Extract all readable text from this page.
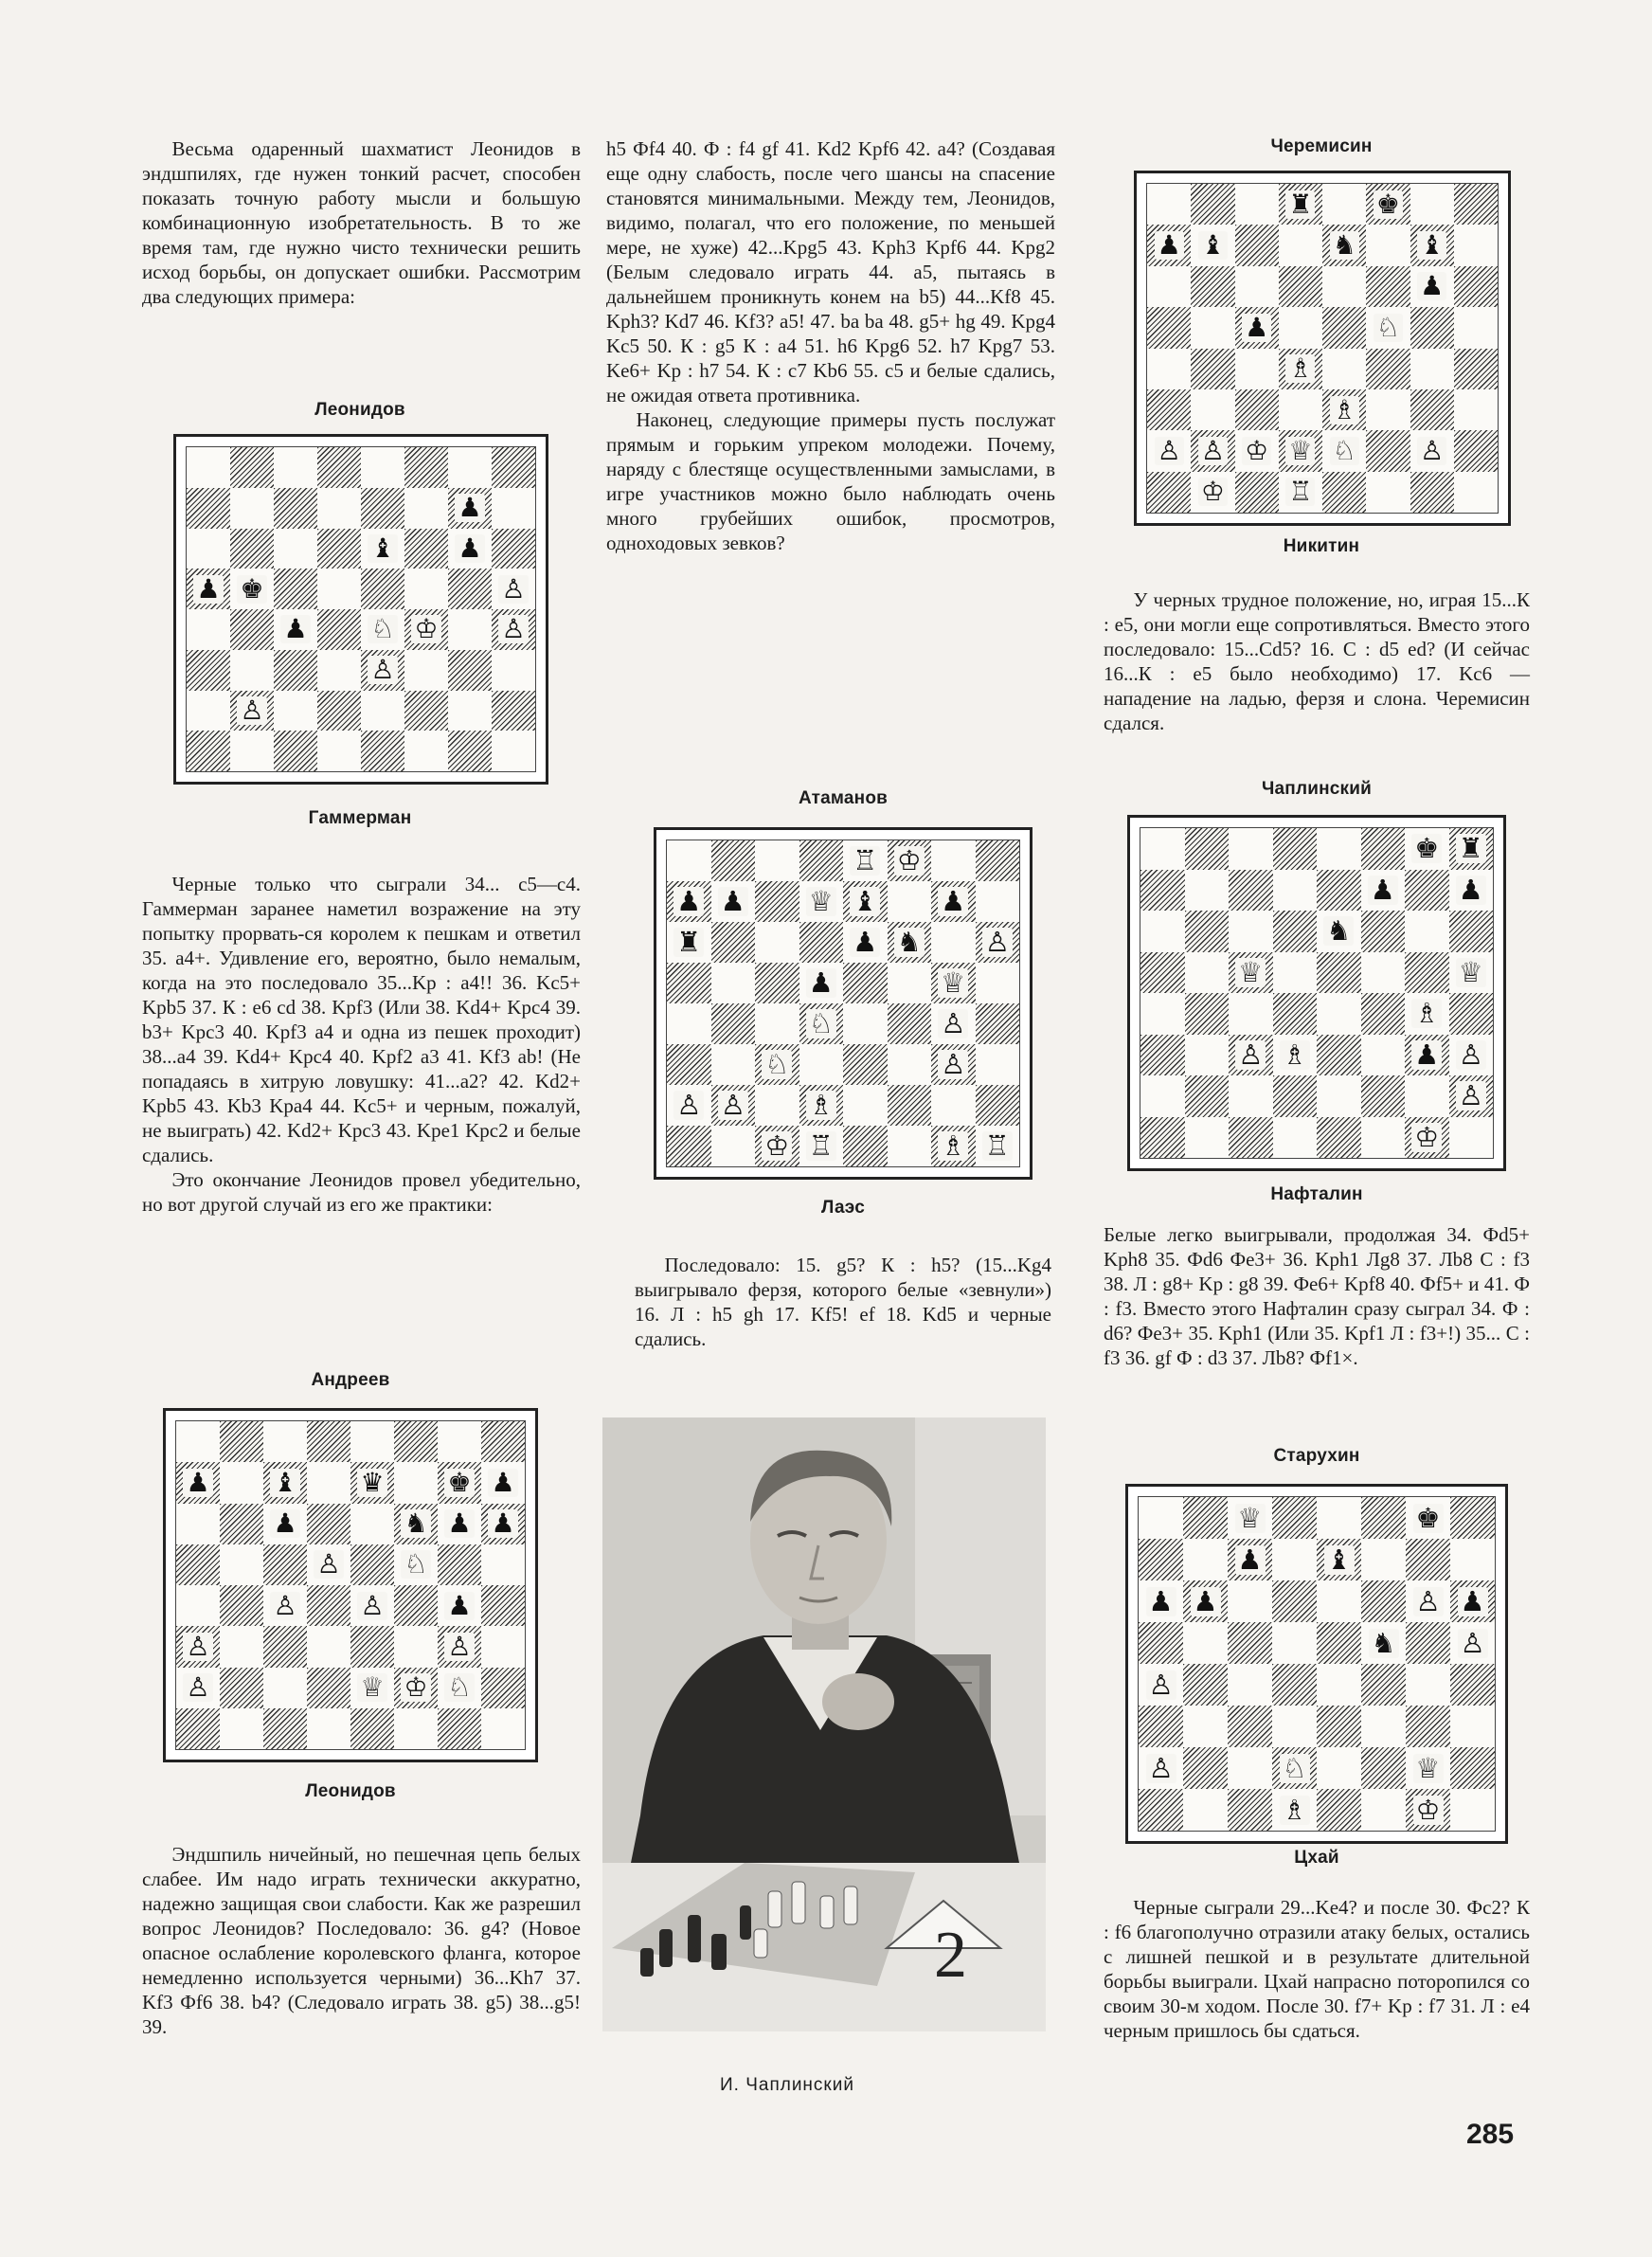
Весьма одаренный шахматист Леонидов в эндшпилях, где нужен тонкий расчет, способен показать точную работу мысли и большую комбинационную изобретательность. В то же время там, где нужно чисто технически решить исход борьбы, он допускает ошибки. Рассмотрим два следующих примера:

Леонидов
♟
♝ ♟
♟ ♚	♙
♟ ♘ ♔ ♙
♙
♙
Гаммерман

Черные только что сыграли 34... c5—c4. Гаммерман заранее наметил возражение на эту попытку прорвать-ся королем к пешкам и ответил 35. a4+. Удивление его, вероятно, было немалым, когда на это последовало 35...Kp : a4!! 36. Kc5+ Kpb5 37. К : e6 cd 38. Kpf3 (Или 38. Kd4+ Kpc4 39. b3+ Kpc3 40. Kpf3 a4 и одна из пешек проходит) 38...a4 39. Kd4+ Kpc4 40. Kpf2 a3 41. Kf3 ab! (Не попадаясь в хитрую ловушку: 41...a2? 42. Kd2+ Kpb5 43. Kb3 Kpa4 44. Kc5+ и черным, пожалуй, не выиграть) 42. Kd2+ Kpc3 43. Kpe1 Kpc2 и белые сдались.

Это окончание Леонидов провел убедительно, но вот другой случай из его же практики:

Андреев
♟ ♝ ♛ ♚ ♟
♟	♞ ♟ ♟
♙ ♘
♙ ♙ ♟
♙	♙
♙	♕ ♔ ♘
Леонидов

Эндшпиль ничейный, но пешечная цепь белых слабее. Им надо играть технически аккуратно, надежно защищая свои слабости. Как же разрешил вопрос Леонидов? Последовало: 36. g4? (Новое опасное ослабление королевского фланга, которое немедленно используется черными) 36...Kh7 37. Kf3 Фf6 38. b4? (Следовало играть 38. g5) 38...g5! 39.

h5 Фf4 40. Ф : f4 gf 41. Kd2 Kpf6 42. a4? (Создавая еще одну слабость, после чего шансы на спасение становятся минимальными. Между тем, Леонидов, видимо, полагал, что его положение, по меньшей мере, не хуже) 42...Kpg5 43. Kph3 Kpf6 44. Kpg2 (Белым следовало играть 44. a5, пытаясь в дальнейшем проникнуть конем на b5) 44...Kf8 45. Kph3? Kd7 46. Kf3? a5! 47. ba ba 48. g5+ hg 49. Kpg4 Kc5 50. К : g5 К : a4 51. h6 Kpg6 52. h7 Kpg7 53. Ke6+ Kp : h7 54. К : c7 Kb6 55. c5 и белые сдались, не ожидая ответа противника.

Наконец, следующие примеры пусть послужат прямым и горьким упреком молодежи. Почему, наряду с блестяще осуществленными замыслами, в игре участников можно было наблюдать очень много грубейших ошибок, просмотров, одноходовых зевков?

Атаманов
♖ ♔
♟ ♟ ♕ ♝ ♟
♜	♟ ♞ ♙
♟	♕
♘	♙
♘	♙
♙ ♙ ♗
♔ ♖	♗ ♖
Лаэс

Последовало: 15. g5? К : h5? (15...Kg4 выигрывало ферзя, которого белые «зевнули») 16. Л : h5 gh 17. Kf5! ef 18. Kd5 и черные сдались.

2
И. Чаплинский
Черемисин
♜ ♚
♟ ♝	♞ ♝
♟
♟	♘
♗
♗
♙ ♙ ♔ ♕ ♘ ♙
♔ ♖
Никитин

У черных трудное положение, но, играя 15...К : e5, они могли еще сопротивляться. Вместо этого последовало: 15...Cd5? 16. С : d5 ed? (И сейчас 16...К : e5 было необходимо) 17. Kc6 — нападение на ладью, ферзя и слона. Черемисин сдался.

Чаплинский
♚ ♜
♟ ♟
♞
♕	♕
♗
♙ ♗	♟ ♙
♙
♔
Нафталин

Белые легко выигрывали, продолжая 34. Фd5+ Kph8 35. Фd6 Фe3+ 36. Kph1 Лg8 37. Лb8 С : f3 38. Л : g8+ Kp : g8 39. Фe6+ Kpf8 40. Фf5+ и 41. Ф : f3. Вместо этого Нафталин сразу сыграл 34. Ф : d6? Фe3+ 35. Kph1 (Или 35. Kpf1 Л : f3+!) 35... С : f3 36. gf Ф : d3 37. Лb8? Фf1×.

Старухин
♕	♚
♟ ♝
♟ ♟	♙ ♟
♞ ♙
♙
♙	♘	♕
♗	♔
Цхай

Черные сыграли 29...Ke4? и после 30. Фc2? К : f6 благополучно отразили атаку белых, остались с лишней пешкой и в результате длительной борьбы выиграли. Цхай напрасно поторопился со своим 30-м ходом. После 30. f7+ Kp : f7 31. Л : e4 черным пришлось бы сдаться.

285
